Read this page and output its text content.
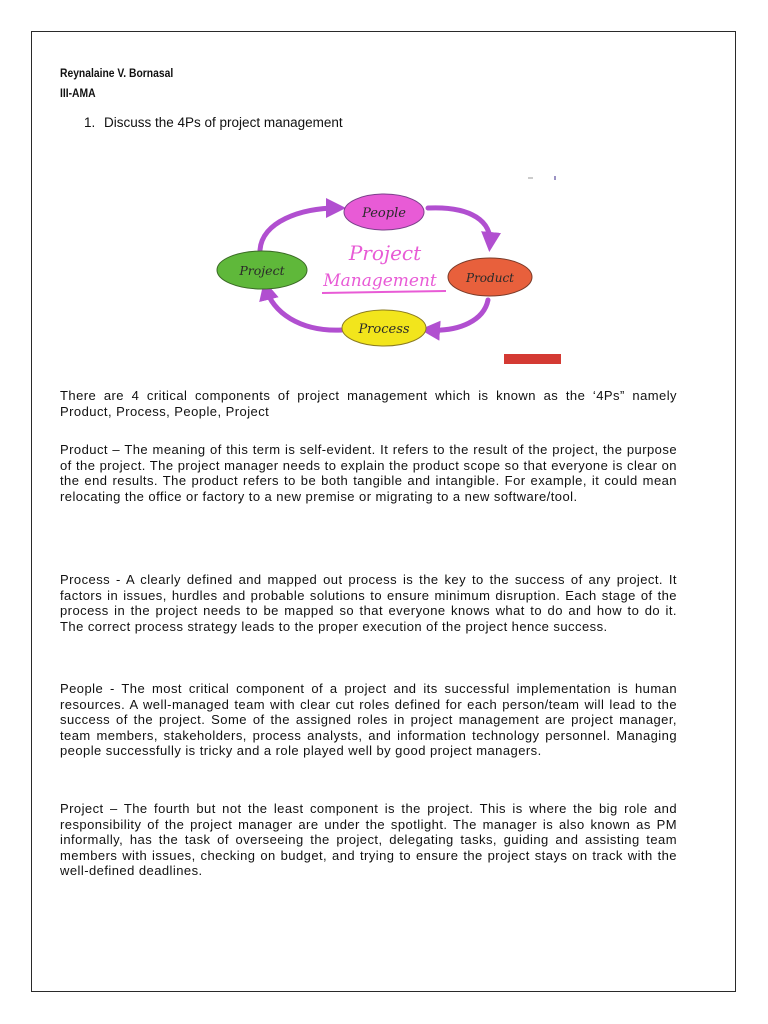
Reynalaine V. Bornasal
III-AMA
1. Discuss the 4Ps of project management
People
Product
Process
Project
Project
Management

There are 4 critical components of project management which is known as the ‘4Ps” namely Product, Process, People, Project

Product – The meaning of this term is self-evident. It refers to the result of the project, the purpose of the project. The project manager needs to explain the product scope so that everyone is clear on the end results. The product refers to be both tangible and intangible. For example, it could mean relocating the office or factory to a new premise or migrating to a new software/tool.

Process - A clearly defined and mapped out process is the key to the success of any project. It factors in issues, hurdles and probable solutions to ensure minimum disruption. Each stage of the process in the project needs to be mapped so that everyone knows what to do and how to do it. The correct process strategy leads to the proper execution of the project hence success.

People - The most critical component of a project and its successful implementation is human resources. A well-managed team with clear cut roles defined for each person/team will lead to the success of the project. Some of the assigned roles in project management are project manager, team members, stakeholders, process analysts, and information technology personnel. Managing people successfully is tricky and a role played well by good project managers.

Project – The fourth but not the least component is the project. This is where the big role and responsibility of the project manager are under the spotlight. The manager is also known as PM informally, has the task of overseeing the project, delegating tasks, guiding and assisting team members with issues, checking on budget, and trying to ensure the project stays on track with the well-defined deadlines.
